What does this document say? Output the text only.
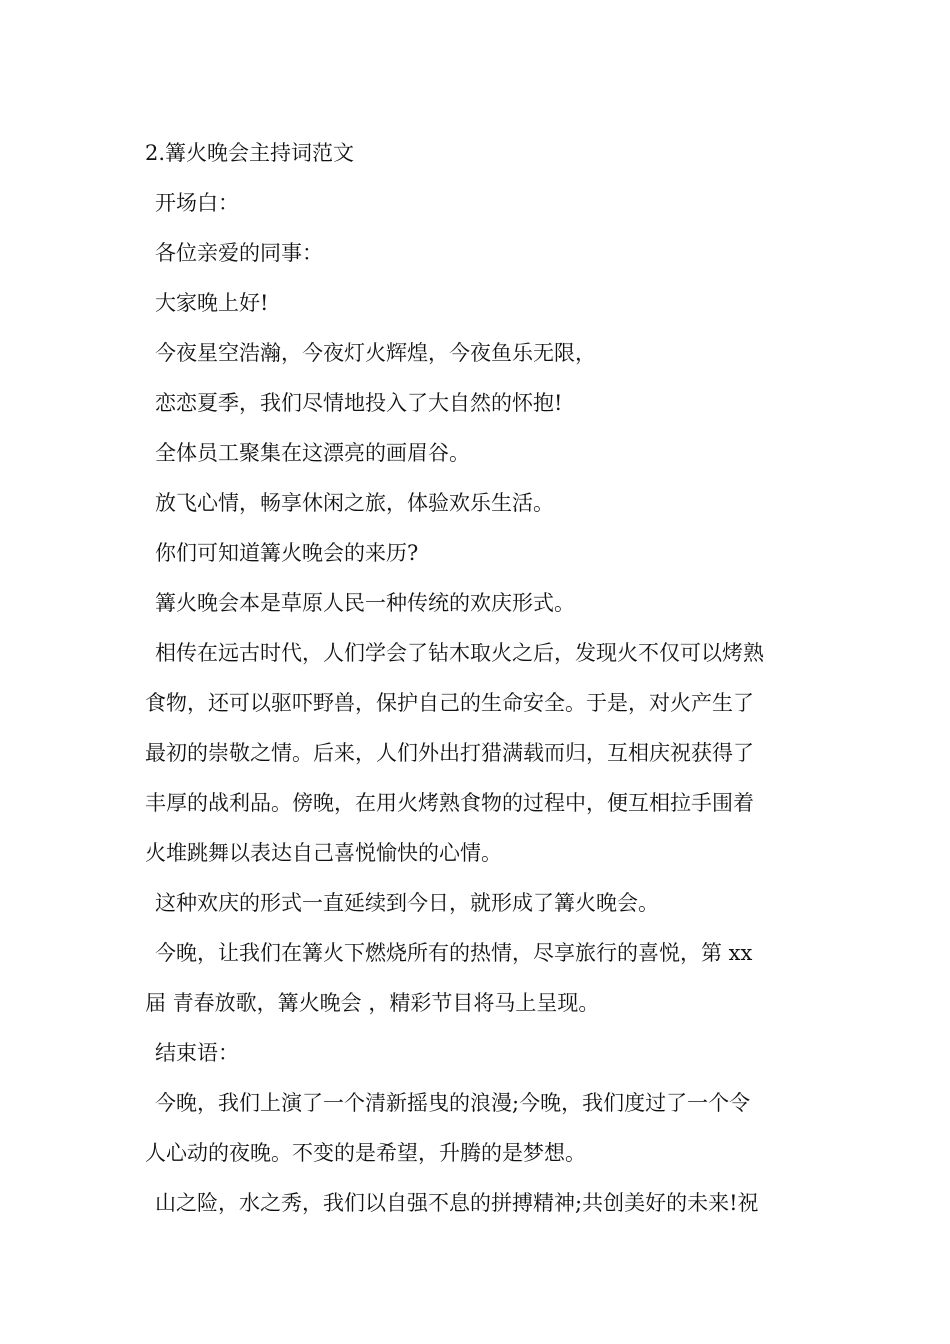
2.篝火晚会主持词范文
开场白：
各位亲爱的同事：
大家晚上好!
今夜星空浩瀚，今夜灯火辉煌，今夜鱼乐无限，
恋恋夏季，我们尽情地投入了大自然的怀抱!
全体员工聚集在这漂亮的画眉谷。
放飞心情，畅享休闲之旅，体验欢乐生活。
你们可知道篝火晚会的来历?
篝火晚会本是草原人民一种传统的欢庆形式。
相传在远古时代，人们学会了钻木取火之后，发现火不仅可以烤熟
食物，还可以驱吓野兽，保护自己的生命安全。于是，对火产生了
最初的崇敬之情。后来，人们外出打猎满载而归，互相庆祝获得了
丰厚的战利品。傍晚，在用火烤熟食物的过程中，便互相拉手围着
火堆跳舞以表达自己喜悦愉快的心情。
这种欢庆的形式一直延续到今日，就形成了篝火晚会。
今晚，让我们在篝火下燃烧所有的热情，尽享旅行的喜悦，第 xx
届 青春放歌，篝火晚会 ，精彩节目将马上呈现。
结束语：
今晚，我们上演了一个清新摇曳的浪漫;今晚，我们度过了一个令
人心动的夜晚。不变的是希望，升腾的是梦想。
山之险，水之秀，我们以自强不息的拼搏精神;共创美好的未来!祝
